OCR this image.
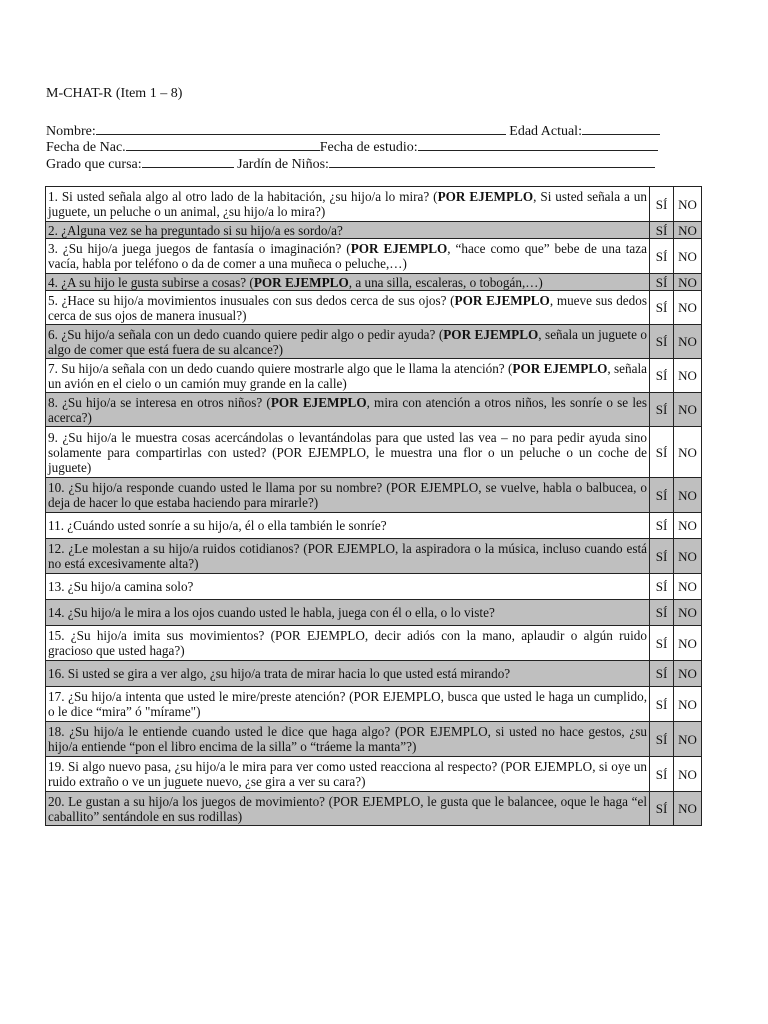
M-CHAT-R (Item 1 – 8)
Nombre:	Edad Actual:
Fecha de Nac.	Fecha de estudio:
Grado que cursa:	Jardín de Niños:
1. Si usted señala algo al otro lado de la habitación, ¿su hijo/a lo mira? (POR EJEMPLO, Si usted señala a un juguete, un peluche o un animal, ¿su hijo/a lo mira?)	SÍ	NO
2. ¿Alguna vez se ha preguntado si su hijo/a es sordo/a?	SÍ	NO
3. ¿Su hijo/a juega juegos de fantasía o imaginación? (POR EJEMPLO, “hace como que” bebe de una taza vacía, habla por teléfono o da de comer a una muñeca o peluche,…)	SÍ	NO
4. ¿A su hijo le gusta subirse a cosas? (POR EJEMPLO, a una silla, escaleras, o tobogán,…)	SÍ	NO
5. ¿Hace su hijo/a movimientos inusuales con sus dedos cerca de sus ojos? (POR EJEMPLO, mueve sus dedos cerca de sus ojos de manera inusual?)	SÍ	NO
6. ¿Su hijo/a señala con un dedo cuando quiere pedir algo o pedir ayuda? (POR EJEMPLO, señala un juguete o algo de comer que está fuera de su alcance?)	SÍ	NO
7. Su hijo/a señala con un dedo cuando quiere mostrarle algo que le llama la atención? (POR EJEMPLO, señala un avión en el cielo o un camión muy grande en la calle)	SÍ	NO
8. ¿Su hijo/a se interesa en otros niños? (POR EJEMPLO, mira con atención a otros niños, les sonríe o se les acerca?)	SÍ	NO
9. ¿Su hijo/a le muestra cosas acercándolas o levantándolas para que usted las vea – no para pedir ayuda sino solamente para compartirlas con usted? (POR EJEMPLO, le muestra una flor o un peluche o un coche de juguete)	SÍ	NO
10. ¿Su hijo/a responde cuando usted le llama por su nombre? (POR EJEMPLO, se vuelve, habla o balbucea, o deja de hacer lo que estaba haciendo para mirarle?)	SÍ	NO
11. ¿Cuándo usted sonríe a su hijo/a, él o ella también le sonríe?	SÍ	NO
12. ¿Le molestan a su hijo/a ruidos cotidianos? (POR EJEMPLO, la aspiradora o la música, incluso cuando está no está excesivamente alta?)	SÍ	NO
13. ¿Su hijo/a camina solo?	SÍ	NO
14. ¿Su hijo/a le mira a los ojos cuando usted le habla, juega con él o ella, o lo viste?	SÍ	NO
15. ¿Su hijo/a imita sus movimientos? (POR EJEMPLO, decir adiós con la mano, aplaudir o algún ruido gracioso que usted haga?)	SÍ	NO
16. Si usted se gira a ver algo, ¿su hijo/a trata de mirar hacia lo que usted está mirando?	SÍ	NO
17. ¿Su hijo/a intenta que usted le mire/preste atención? (POR EJEMPLO, busca que usted le haga un cumplido, o le dice “mira” ó "mírame")	SÍ	NO
18. ¿Su hijo/a le entiende cuando usted le dice que haga algo? (POR EJEMPLO, si usted no hace gestos, ¿su hijo/a entiende “pon el libro encima de la silla” o “tráeme la manta”?)	SÍ	NO
19. Si algo nuevo pasa, ¿su hijo/a le mira para ver como usted reacciona al respecto? (POR EJEMPLO, si oye un ruido extraño o ve un juguete nuevo, ¿se gira a ver su cara?)	SÍ	NO
20. Le gustan a su hijo/a los juegos de movimiento? (POR EJEMPLO, le gusta que le balancee, oque le haga “el caballito” sentándole en sus rodillas)	SÍ	NO
